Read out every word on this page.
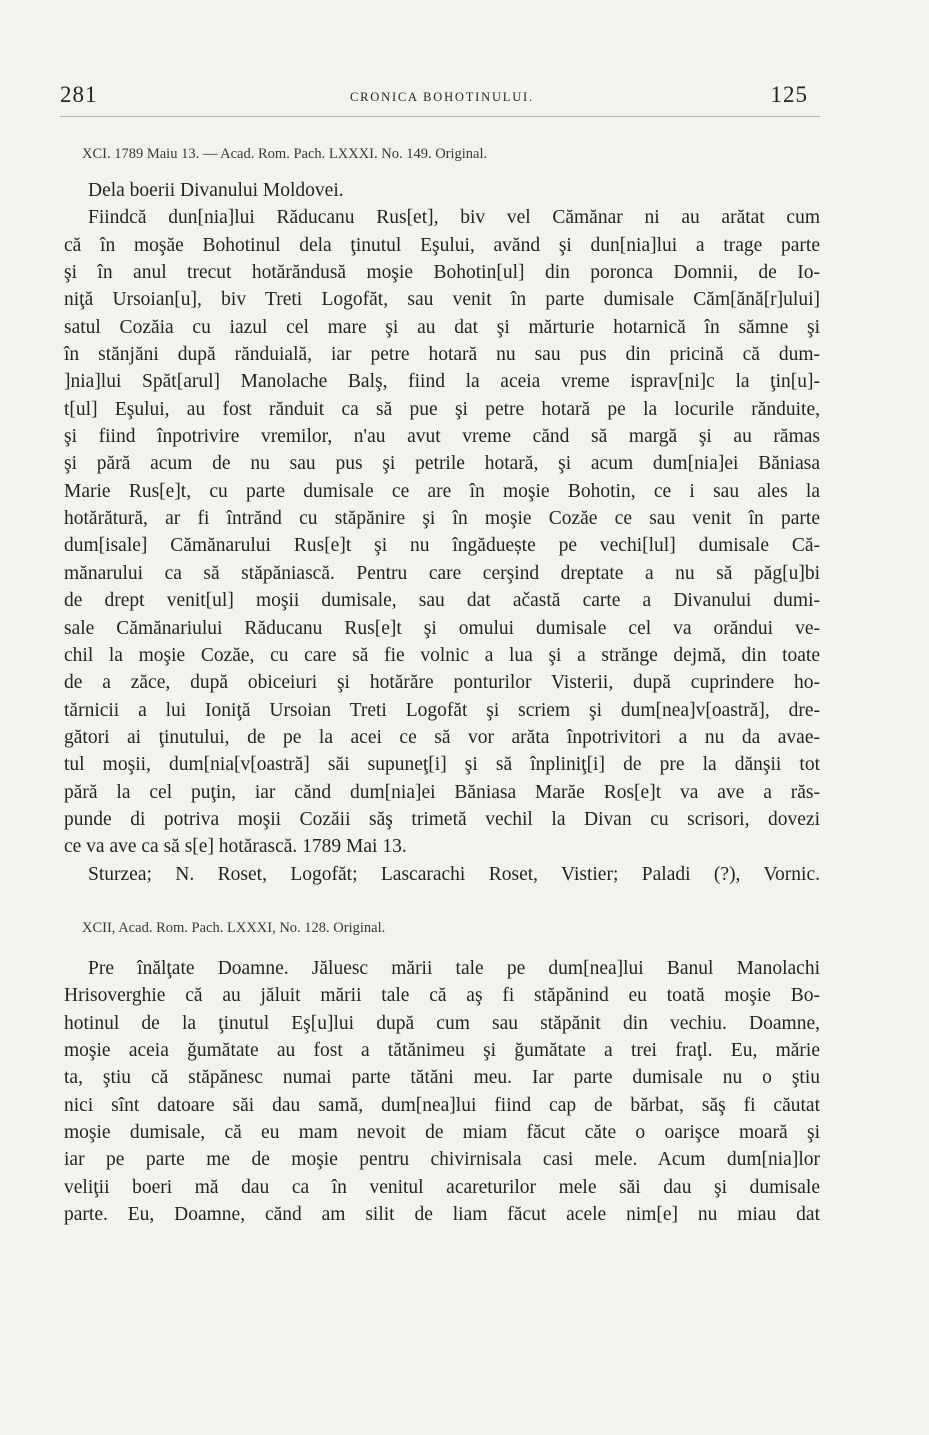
281	CRONICA BOHOTINULUI.	125
XCI. 1789 Maiu 13. — Acad. Rom. Pach. LXXXI. No. 149. Original.
Dela boerii Divanului Moldovei.
Fiindcă dun[nia]lui Răducanu Rus[et], biv vel Cămănar ni au arătat cum
că în moşăe Bohotinul dela ţinutul Eşului, avănd şi dun[nia]lui a trage parte
şi în anul trecut hotărăndusă moşie Bohotin[ul] din poronca Domnii, de Io-
niţă Ursoian[u], biv Treti Logofăt, sau venit în parte dumisale Căm[ănă[r]ului]
satul Cozăia cu iazul cel mare şi au dat şi mărturie hotarnică în sămne şi
în stănjăni după rănduială, iar petre hotară nu sau pus din pricină că dum-
]nia]lui Spăt[arul] Manolache Balş, fiind la aceia vreme isprav[ni]c la ţin[u]-
t[ul] Eşului, au fost rănduit ca să pue şi petre hotară pe la locurile rănduite,
şi fiind înpotrivire vremilor, n'au avut vreme cănd să margă şi au rămas
şi pără acum de nu sau pus şi petrile hotară, şi acum dum[nia]ei Băniasa
Marie Rus[e]t, cu parte dumisale ce are în moşie Bohotin, ce i sau ales la
hotărătură, ar fi întrănd cu stăpănire şi în moşie Cozăe ce sau venit în parte
dum[isale] Cămănarului Rus[e]t şi nu îngăduește pe vechi[lul] dumisale Că-
mănarului ca să stăpăniască. Pentru care cerşind dreptate a nu să păg[u]bi
de drept venit[ul] moşii dumisale, sau dat ačastă carte a Divanului dumi-
sale Cămănariului Răducanu Rus[e]t şi omului dumisale cel va orăndui ve-
chil la moşie Cozăe, cu care să fie volnic a lua şi a străngе dejmă, din toate
de a zăce, după obiceiuri şi hotărăre ponturilor Visterii, după cuprindere ho-
tărnicii a lui Ioniţă Ursoian Treti Logofăt şi scriem şi dum[nea]v[oastră], dre-
gători ai ţinutului, de pe la acei ce să vor arăta înpotrivitori a nu da avae-
tul moşii, dum[nia[v[oastră] săi supuneţ[i] şi să înpliniţ[i] de pre la dănşii tot
pără la cel puţin, iar cănd dum[nia]ei Băniasa Marăe Ros[e]t va ave a răs-
punde di potriva moşii Cozăii săş trimetă vechil la Divan cu scrisori, dovezi
ce va ave ca să s[e] hotărască. 1789 Mai 13.
Sturzea; N. Roset, Logofăt; Lascarachi Roset, Vistier; Paladi (?), Vornic.
XCII, Acad. Rom. Pach. LXXXI, No. 128. Original.
Pre înălţate Doamne. Jăluesc mării tale pe dum[nea]lui Banul Manolachi
Hrisoverghie că au jăluit mării tale că aş fi stăpănind eu toată moşie Bo-
hotinul de la ţinutul Eş[u]lui după cum sau stăpănit din vechiu. Doamne,
moşie aceia ğumătate au fost a tătănimeu şi ğumătate a trei fraţl. Eu, mărie
ta, ştiu că stăpănesc numai parte tătăni meu. Iar parte dumisale nu o ştiu
nici sînt datoare săi dau samă, dum[nea]lui fiind cap de bărbat, săş fi căutat
moşie dumisale, că eu mam nevoit de miam făcut căte o oarişce moară şi
iar pe parte me de moşie pentru chivirnisala casi mele. Acum dum[nia]lor
veliţii boeri mă dau ca în venitul acareturilor mele săi dau şi dumisale
parte. Eu, Doamne, cănd am silit de liam făcut acele nim[e] nu miau dat
